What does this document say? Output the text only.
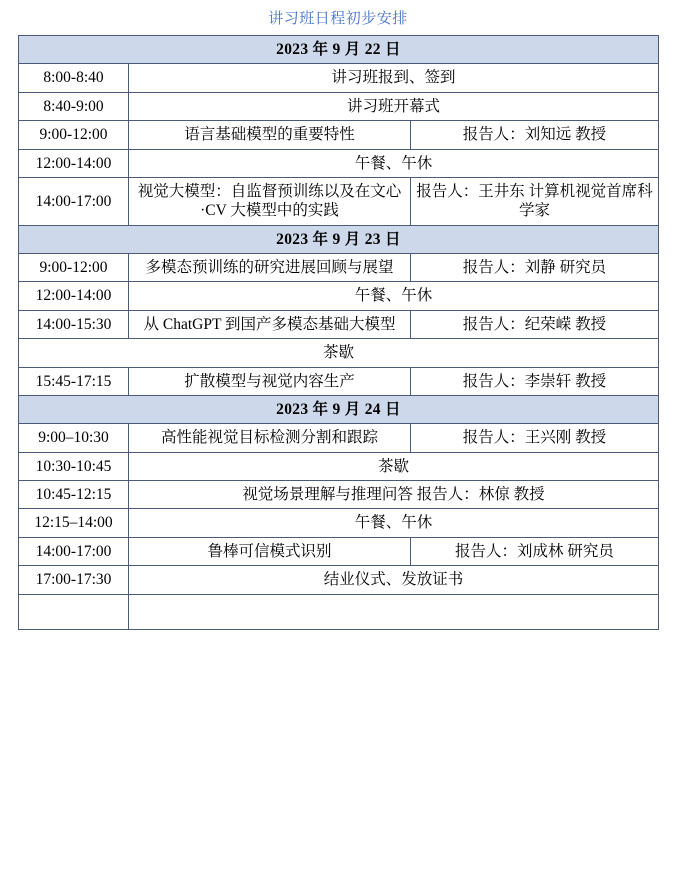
讲习班日程初步安排
2023 年 9 月 22 日		
8:00-8:40	讲习班报到、签到	
8:40-9:00	讲习班开幕式	
9:00-12:00	语言基础模型的重要特性	报告人：刘知远 教授
12:00-14:00	午餐、午休	
14:00-17:00	视觉大模型：自监督预训练以及在文心·CV 大模型中的实践	报告人：王井东 计算机视觉首席科学家
2023 年 9 月 23 日		
9:00-12:00	多模态预训练的研究进展回顾与展望	报告人：刘静 研究员
12:00-14:00	午餐、午休	
14:00-15:30	从 ChatGPT 到国产多模态基础大模型	报告人：纪荣嵘 教授
茶歇		
15:45-17:15	扩散模型与视觉内容生产	报告人：李崇轩 教授
2023 年 9 月 24 日		
9:00–10:30	高性能视觉目标检测分割和跟踪	报告人：王兴刚 教授
10:30-10:45	茶歇	
10:45-12:15	视觉场景理解与推理问答 报告人：林倞 教授	
12:15–14:00	午餐、午休	
14:00-17:00	鲁棒可信模式识别	报告人：刘成林 研究员
17:00-17:30	结业仪式、发放证书	
